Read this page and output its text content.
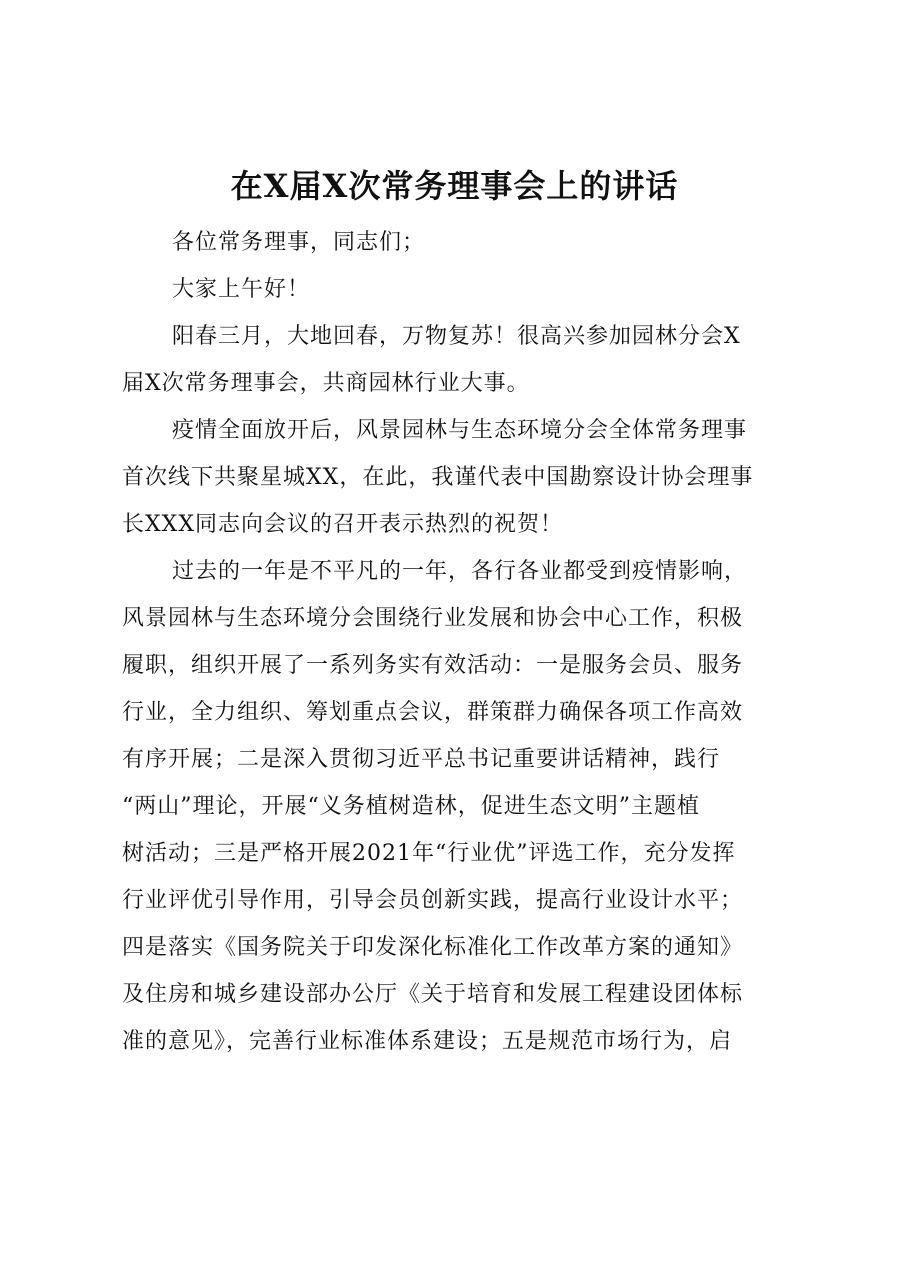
在X届X次常务理事会上的讲话

各位常务理事，同志们；

大家上午好！

阳春三月，大地回春，万物复苏！很高兴参加园林分会X
届X次常务理事会，共商园林行业大事。

疫情全面放开后，风景园林与生态环境分会全体常务理事
首次线下共聚星城XX，在此，我谨代表中国勘察设计协会理事
长XXX同志向会议的召开表示热烈的祝贺！

过去的一年是不平凡的一年，各行各业都受到疫情影响，
风景园林与生态环境分会围绕行业发展和协会中心工作，积极
履职，组织开展了一系列务实有效活动：一是服务会员、服务
行业，全力组织、筹划重点会议，群策群力确保各项工作高效
有序开展；二是深入贯彻习近平总书记重要讲话精神，践行
“两山”理论，开展“义务植树造林，促进生态文明”主题植
树活动；三是严格开展2021年“行业优”评选工作，充分发挥
行业评优引导作用，引导会员创新实践，提高行业设计水平；
四是落实《国务院关于印发深化标准化工作改革方案的通知》
及住房和城乡建设部办公厅《关于培育和发展工程建设团体标
准的意见》，完善行业标准体系建设；五是规范市场行为，启
